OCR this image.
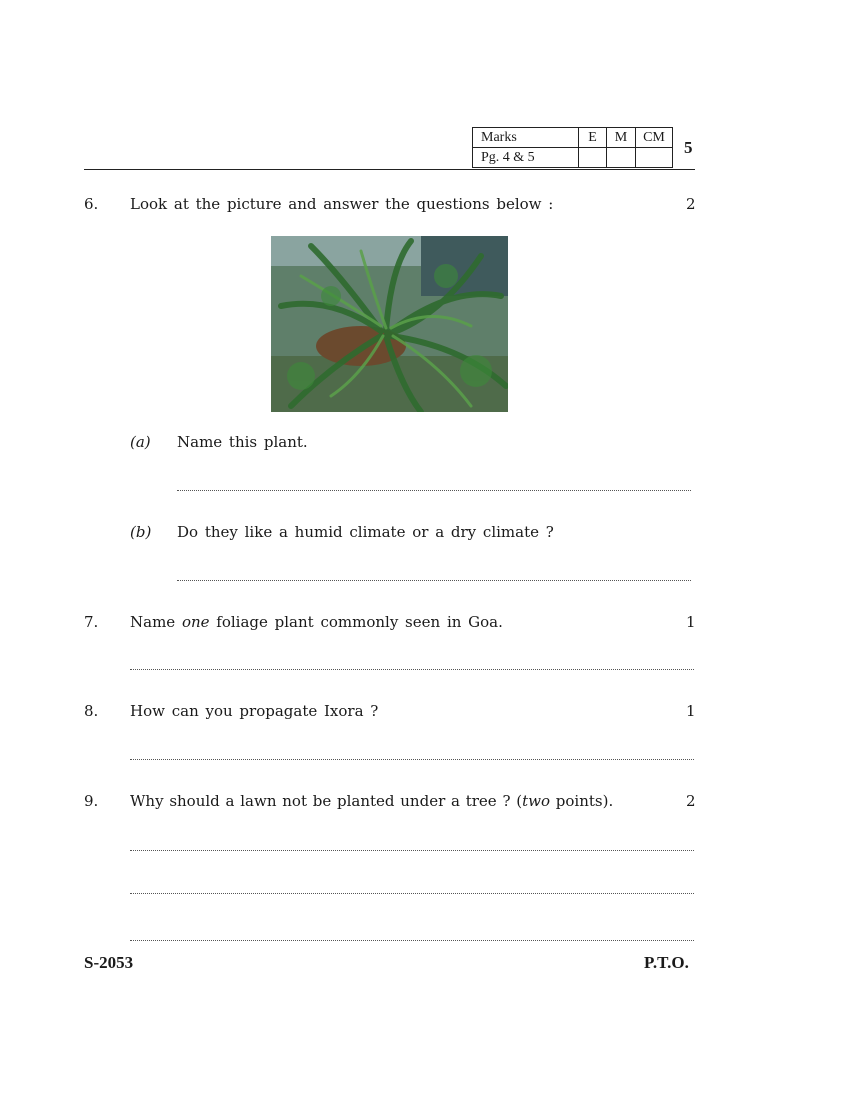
Marks	E	M	CM

Pg. 4 & 5			

5
6. Look at the picture and answer the questions below :	2
(a) Name this plant.
(b) Do they like a humid climate or a dry climate ?
7. Name one foliage plant commonly seen in Goa.	1
8. How can you propagate Ixora ?	1
9. Why should a lawn not be planted under a tree ? (two points).	2
S-2053	P.T.O.
